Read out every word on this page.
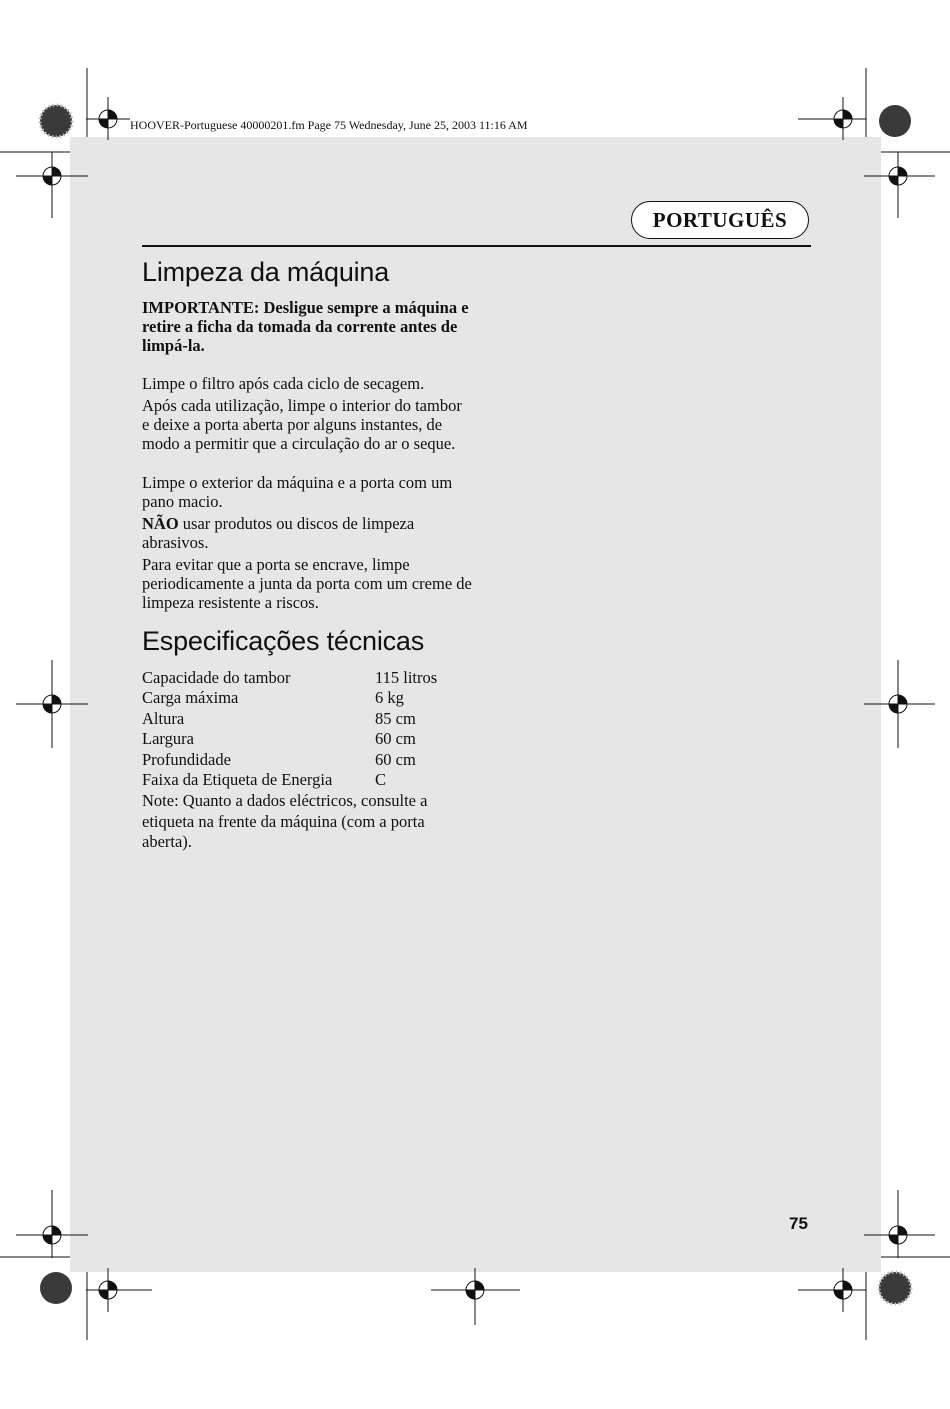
HOOVER-Portuguese 40000201.fm Page 75 Wednesday, June 25, 2003 11:16 AM
PORTUGUÊS
Limpeza da máquina
IMPORTANTE: Desligue sempre a máquina e retire a ficha da tomada da corrente antes de limpá-la.
Limpe o filtro após cada ciclo de secagem.
Após cada utilização, limpe o interior do tambor e deixe a porta aberta por alguns instantes, de modo a permitir que a circulação do ar o seque.
Limpe o exterior da máquina e a porta com um pano macio.
NÃO usar produtos ou discos de limpeza abrasivos.
Para evitar que a porta se encrave, limpe periodicamente a junta da porta com um creme de limpeza resistente a riscos.
Especificações técnicas
Capacidade do tambor	115 litros
Carga máxima	6 kg
Altura	85 cm
Largura	60 cm
Profundidade	60 cm
Faixa da Etiqueta de Energia	C
Note: Quanto a dados eléctricos, consulte a etiqueta na frente da máquina (com a porta aberta).
75
